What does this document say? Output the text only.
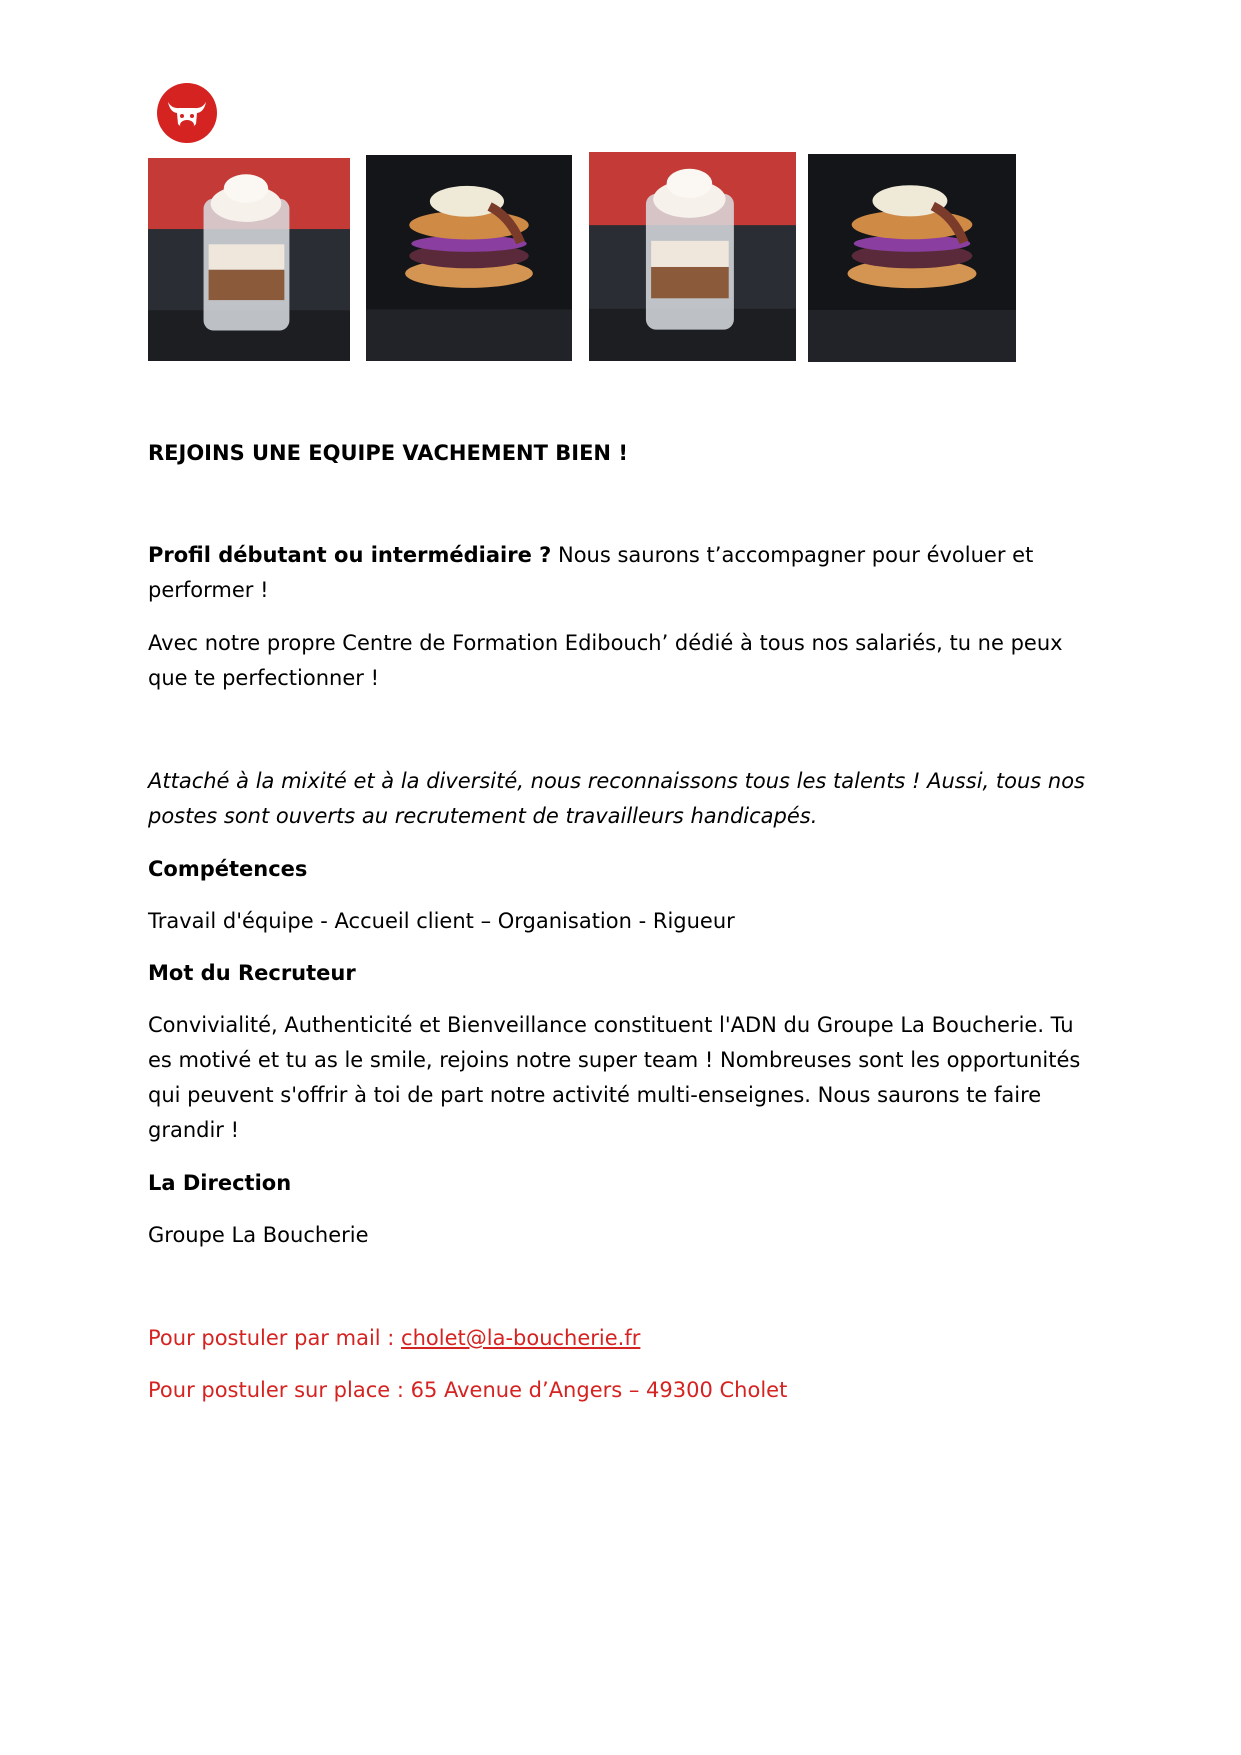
REJOINS UNE EQUIPE VACHEMENT BIEN !

Profil débutant ou intermédiaire ? Nous saurons t’accompagner pour évoluer et performer !

Avec notre propre Centre de Formation Edibouch’ dédié à tous nos salariés, tu ne peux que te perfectionner !

Attaché à la mixité et à la diversité, nous reconnaissons tous les talents ! Aussi, tous nos postes sont ouverts au recrutement de travailleurs handicapés.

Compétences

Travail d'équipe - Accueil client – Organisation - Rigueur

Mot du Recruteur

Convivialité, Authenticité et Bienveillance constituent l'ADN du Groupe La Boucherie. Tu es motivé et tu as le smile, rejoins notre super team ! Nombreuses sont les opportunités qui peuvent s'offrir à toi de part notre activité multi-enseignes. Nous saurons te faire grandir !

La Direction

Groupe La Boucherie

Pour postuler par mail : cholet@la-boucherie.fr

Pour postuler sur place : 65 Avenue d’Angers – 49300 Cholet
